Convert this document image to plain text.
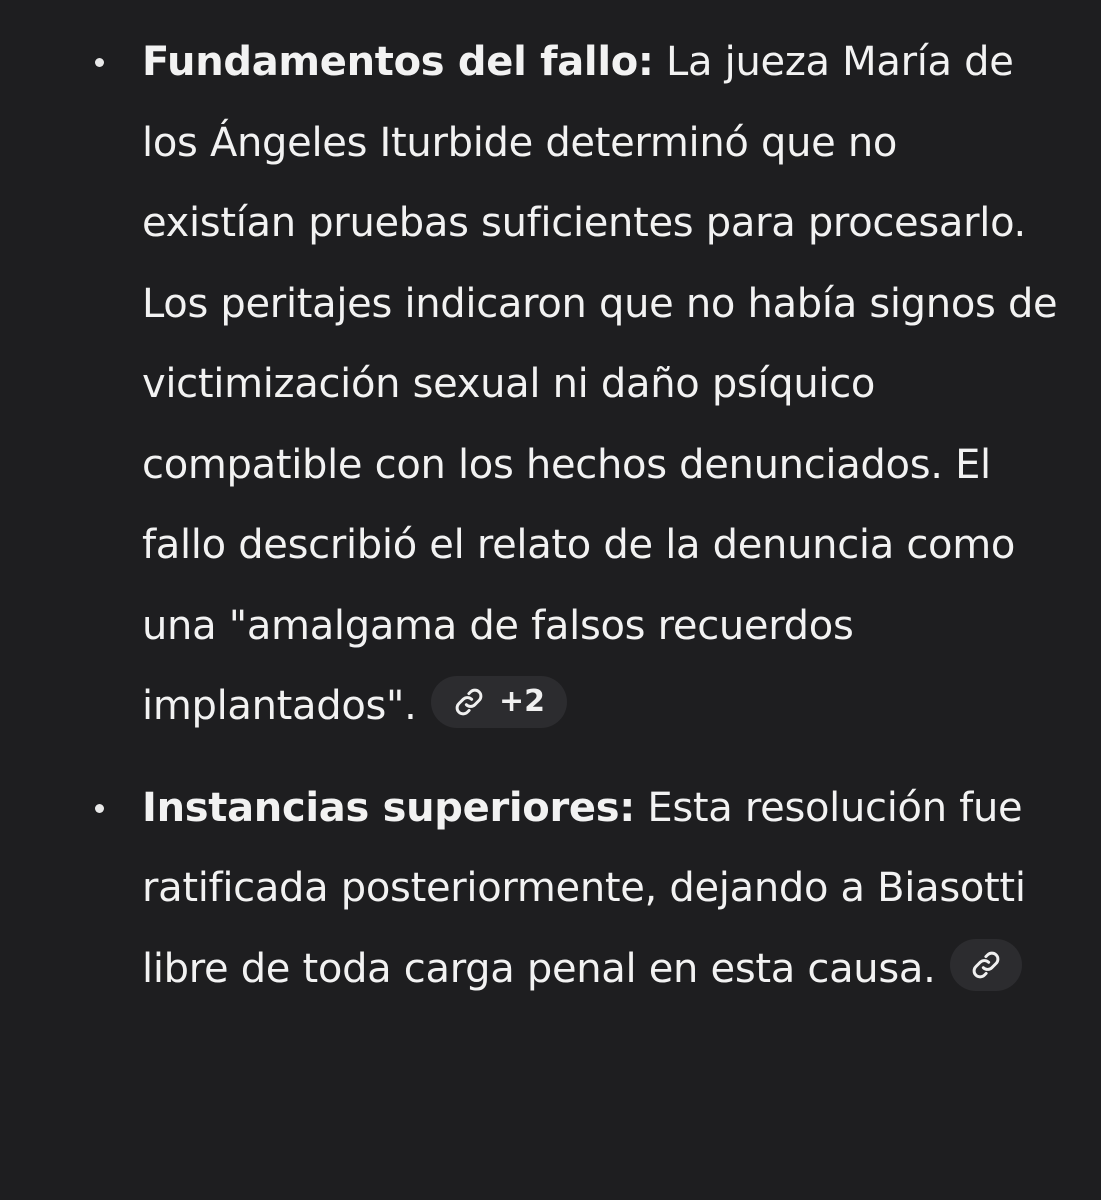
Fundamentos del fallo: La jueza María de los Ángeles Iturbide determinó que no existían pruebas suficientes para procesarlo. Los peritajes indicaron que no había signos de victimización sexual ni daño psíquico compatible con los hechos denunciados. El fallo describió el relato de la denuncia como una "amalgama de falsos recuerdos implantados". +2
Instancias superiores: Esta resolución fue ratificada posteriormente, dejando a Biasotti libre de toda carga penal en esta causa.
